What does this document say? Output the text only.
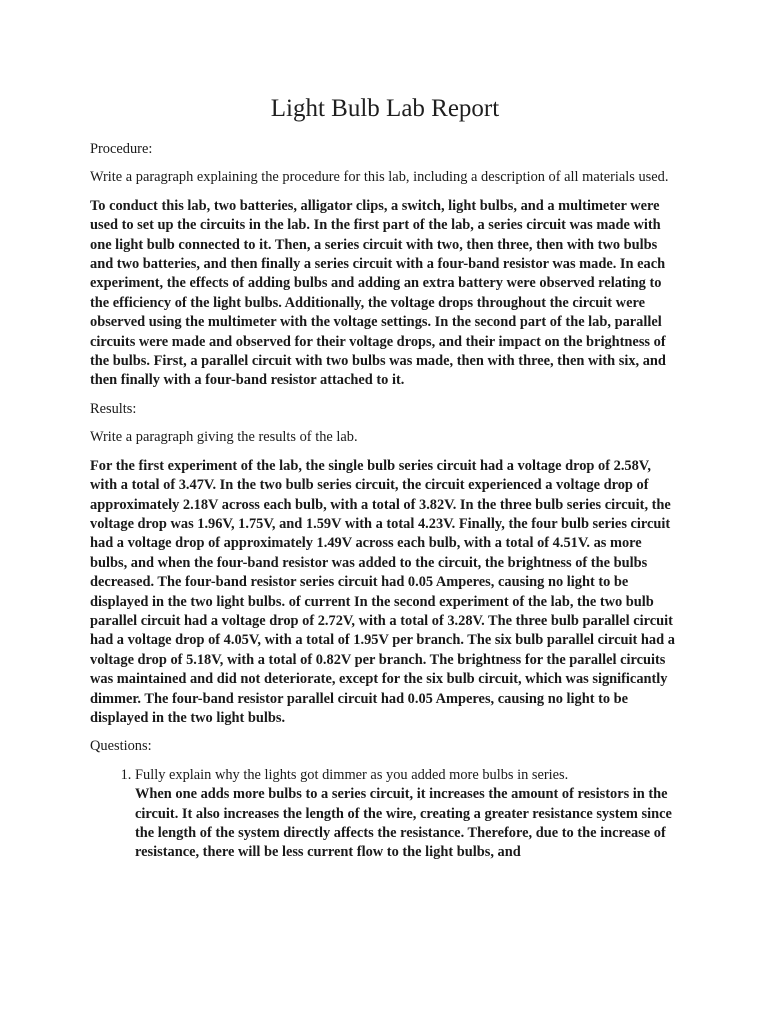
Light Bulb Lab Report

Procedure:

Write a paragraph explaining the procedure for this lab, including a description of all materials used.

To conduct this lab, two batteries, alligator clips, a switch, light bulbs, and a multimeter were used to set up the circuits in the lab. In the first part of the lab, a series circuit was made with one light bulb connected to it. Then, a series circuit with two, then three, then with two bulbs and two batteries, and then finally a series circuit with a four-band resistor was made. In each experiment, the effects of adding bulbs and adding an extra battery were observed relating to the efficiency of the light bulbs. Additionally, the voltage drops throughout the circuit were observed using the multimeter with the voltage settings. In the second part of the lab, parallel circuits were made and observed for their voltage drops, and their impact on the brightness of the bulbs. First, a parallel circuit with two bulbs was made, then with three, then with six, and then finally with a four-band resistor attached to it.

Results:

Write a paragraph giving the results of the lab.

For the first experiment of the lab, the single bulb series circuit had a voltage drop of 2.58V, with a total of 3.47V. In the two bulb series circuit, the circuit experienced a voltage drop of approximately 2.18V across each bulb, with a total of 3.82V. In the three bulb series circuit, the voltage drop was 1.96V, 1.75V, and 1.59V with a total 4.23V. Finally, the four bulb series circuit had a voltage drop of approximately 1.49V across each bulb, with a total of 4.51V. as more bulbs, and when the four-band resistor was added to the circuit, the brightness of the bulbs decreased. The four-band resistor series circuit had 0.05 Amperes, causing no light to be displayed in the two light bulbs. of current In the second experiment of the lab, the two bulb parallel circuit had a voltage drop of 2.72V, with a total of 3.28V. The three bulb parallel circuit had a voltage drop of 4.05V, with a total of 1.95V per branch. The six bulb parallel circuit had a voltage drop of 5.18V, with a total of 0.82V per branch. The brightness for the parallel circuits was maintained and did not deteriorate, except for the six bulb circuit, which was significantly dimmer. The four-band resistor parallel circuit had 0.05 Amperes, causing no light to be displayed in the two light bulbs.

Questions:

1. Fully explain why the lights got dimmer as you added more bulbs in series.
When one adds more bulbs to a series circuit, it increases the amount of resistors in the circuit. It also increases the length of the wire, creating a greater resistance system since the length of the system directly affects the resistance. Therefore, due to the increase of resistance, there will be less current flow to the light bulbs, and
